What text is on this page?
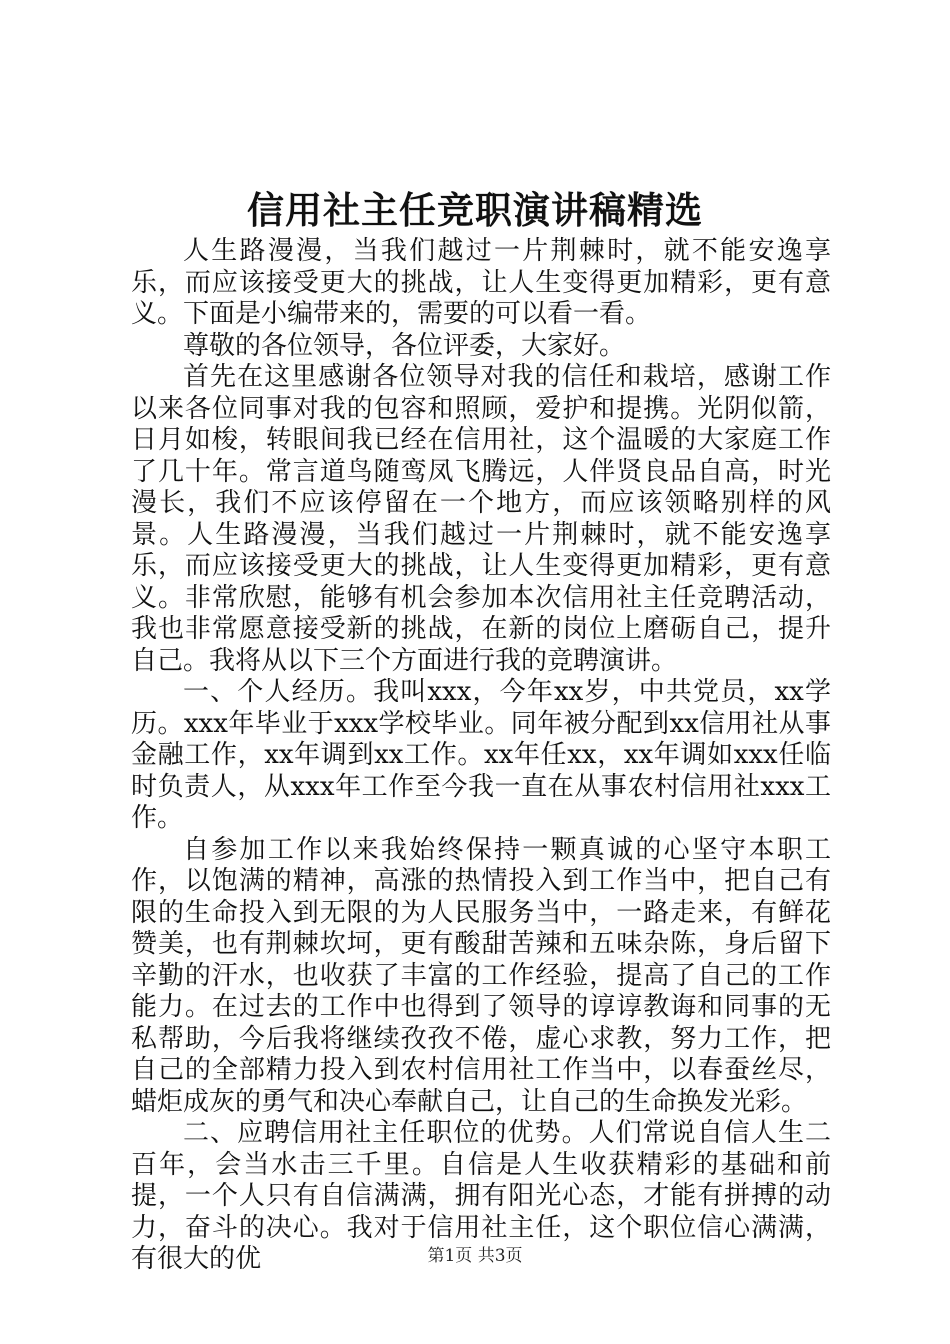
信用社主任竞职演讲稿精选

人生路漫漫，当我们越过一片荆棘时，就不能安逸享乐，而应该接受更大的挑战，让人生变得更加精彩，更有意义。下面是小编带来的，需要的可以看一看。

尊敬的各位领导，各位评委，大家好。

首先在这里感谢各位领导对我的信任和栽培，感谢工作以来各位同事对我的包容和照顾，爱护和提携。光阴似箭，日月如梭，转眼间我已经在信用社，这个温暖的大家庭工作了几十年。常言道鸟随鸾凤飞腾远，人伴贤良品自高，时光漫长，我们不应该停留在一个地方，而应该领略别样的风景。人生路漫漫，当我们越过一片荆棘时，就不能安逸享乐，而应该接受更大的挑战，让人生变得更加精彩，更有意义。非常欣慰，能够有机会参加本次信用社主任竞聘活动，我也非常愿意接受新的挑战，在新的岗位上磨砺自己，提升自己。我将从以下三个方面进行我的竞聘演讲。

一、个人经历。我叫xxx，今年xx岁，中共党员，xx学历。xxx年毕业于xxx学校毕业。同年被分配到xx信用社从事金融工作，xx年调到xx工作。xx年任xx，xx年调如xxx任临时负责人，从xxx年工作至今我一直在从事农村信用社xxx工作。

自参加工作以来我始终保持一颗真诚的心坚守本职工作，以饱满的精神，高涨的热情投入到工作当中，把自己有限的生命投入到无限的为人民服务当中，一路走来，有鲜花赞美，也有荆棘坎坷，更有酸甜苦辣和五味杂陈，身后留下辛勤的汗水，也收获了丰富的工作经验，提高了自己的工作能力。在过去的工作中也得到了领导的谆谆教诲和同事的无私帮助，今后我将继续孜孜不倦，虚心求教，努力工作，把自己的全部精力投入到农村信用社工作当中，以春蚕丝尽，蜡炬成灰的勇气和决心奉献自己，让自己的生命换发光彩。

二、应聘信用社主任职位的优势。人们常说自信人生二百年，会当水击三千里。自信是人生收获精彩的基础和前提，一个人只有自信满满，拥有阳光心态，才能有拼搏的动力，奋斗的决心。我对于信用社主任，这个职位信心满满，有很大的优	第1页 共3页
